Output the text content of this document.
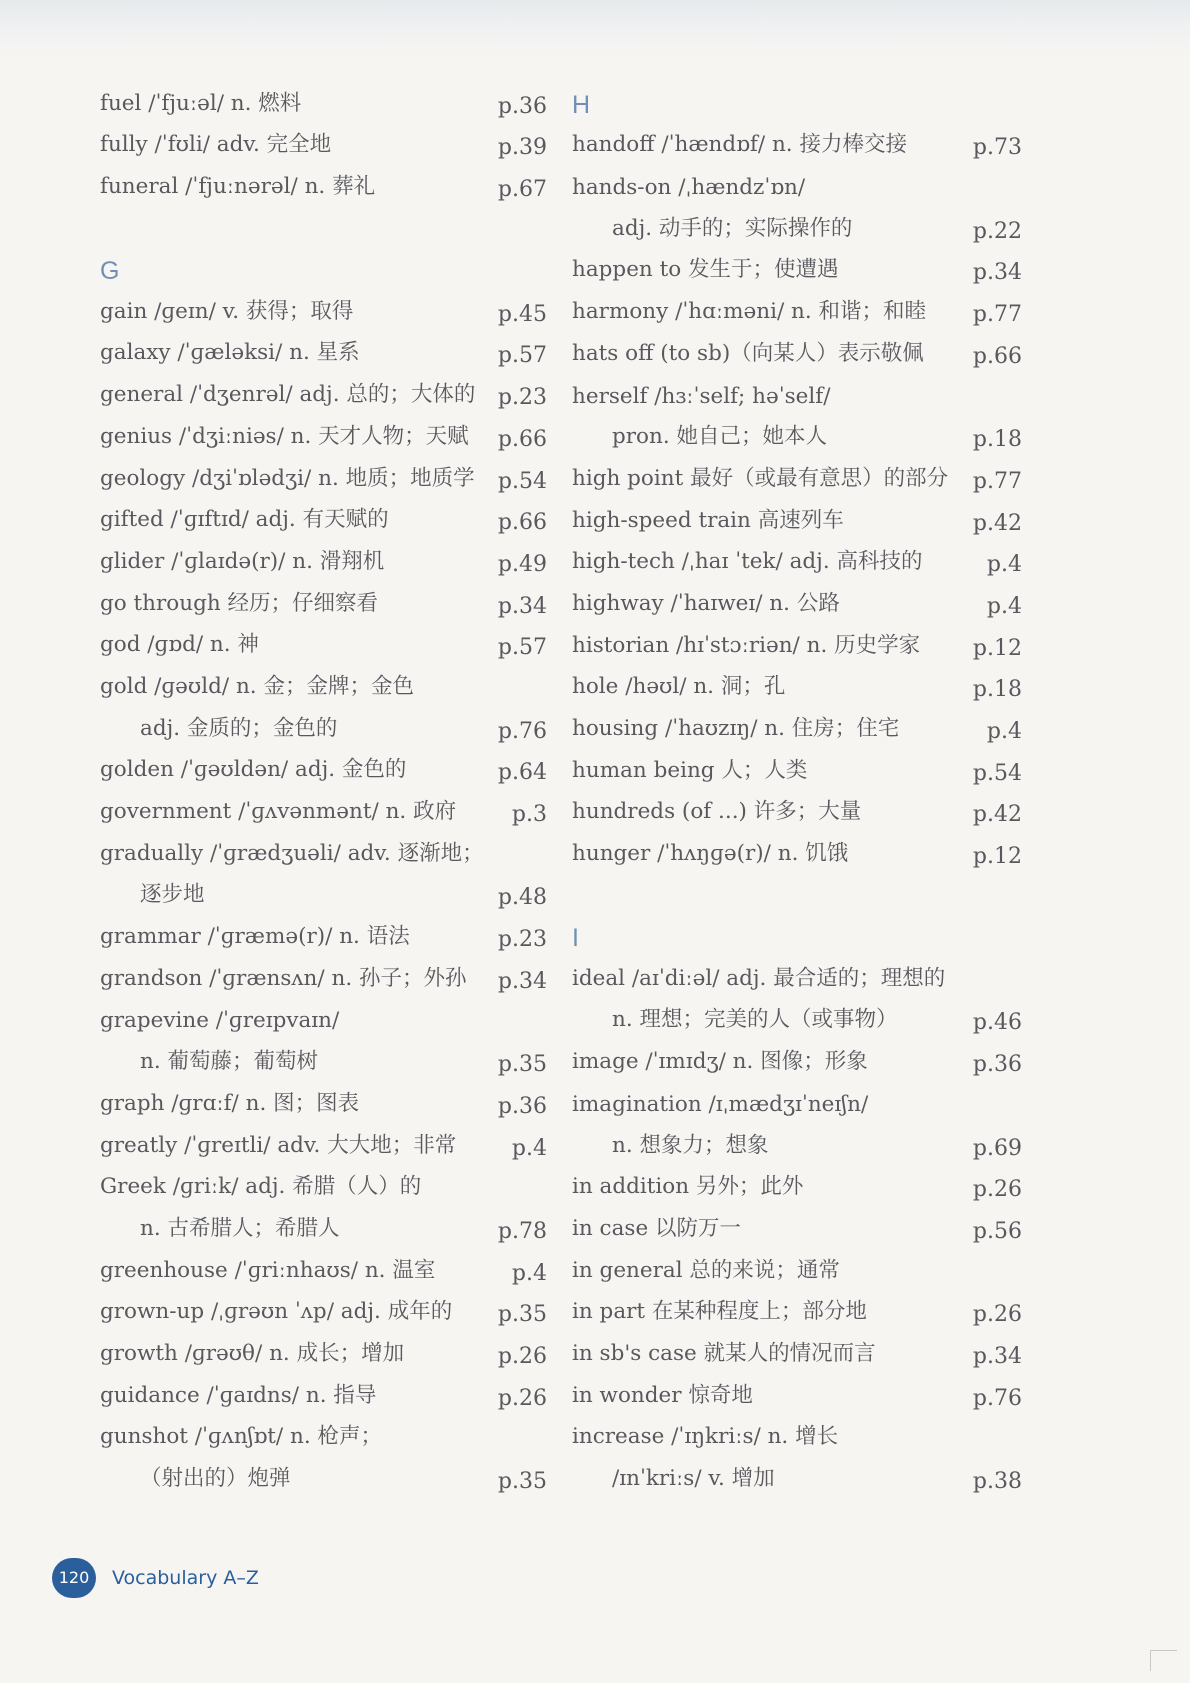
fuel /ˈfjuːəl/ n. 燃料	p.36
fully /ˈfʊli/ adv. 完全地	p.39
funeral /ˈfjuːnərəl/ n. 葬礼	p.67
G
gain /ɡeɪn/ v. 获得；取得	p.45
galaxy /ˈɡæləksi/ n. 星系	p.57
general /ˈdʒenrəl/ adj. 总的；大体的 p.23
genius /ˈdʒiːniəs/ n. 天才人物；天赋 p.66
geology /dʒiˈɒlədʒi/ n. 地质；地质学 p.54
gifted /ˈɡɪftɪd/ adj. 有天赋的	p.66
glider /ˈɡlaɪdə(r)/ n. 滑翔机	p.49
go through 经历；仔细察看	p.34
god /ɡɒd/ n. 神	p.57
gold /ɡəʊld/ n. 金；金牌；金色
adj. 金质的；金色的	p.76
golden /ˈɡəʊldən/ adj. 金色的	p.64
government /ˈɡʌvənmənt/ n. 政府	p.3
gradually /ˈɡrædʒuəli/ adv. 逐渐地；
逐步地	p.48
grammar /ˈɡræmə(r)/ n. 语法	p.23
grandson /ˈɡrænsʌn/ n. 孙子；外孙 p.34
grapevine /ˈɡreɪpvaɪn/
n. 葡萄藤；葡萄树	p.35
graph /ɡrɑːf/ n. 图；图表	p.36
greatly /ˈɡreɪtli/ adv. 大大地；非常	p.4
Greek /ɡriːk/ adj. 希腊（人）的
n. 古希腊人；希腊人	p.78
greenhouse /ˈɡriːnhaʊs/ n. 温室	p.4
grown-up /ˌɡrəʊn ˈʌp/ adj. 成年的 p.35
growth /ɡrəʊθ/ n. 成长；增加	p.26
guidance /ˈɡaɪdns/ n. 指导	p.26
gunshot /ˈɡʌnʃɒt/ n. 枪声；
（射出的）炮弹	p.35
H
handoff /ˈhændɒf/ n. 接力棒交接	p.73
hands-on /ˌhændzˈɒn/
adj. 动手的；实际操作的	p.22
happen to 发生于；使遭遇	p.34
harmony /ˈhɑːməni/ n. 和谐；和睦 p.77
hats off (to sb)（向某人）表示敬佩 p.66
herself /hɜːˈself; həˈself/
pron. 她自己；她本人	p.18
high point 最好（或最有意思）的部分 p.77
high-speed train 高速列车	p.42
high-tech /ˌhaɪ ˈtek/ adj. 高科技的	p.4
highway /ˈhaɪweɪ/ n. 公路	p.4
historian /hɪˈstɔːriən/ n. 历史学家 p.12
hole /həʊl/ n. 洞；孔	p.18
housing /ˈhaʊzɪŋ/ n. 住房；住宅	p.4
human being 人；人类	p.54
hundreds (of ...) 许多；大量	p.42
hunger /ˈhʌŋɡə(r)/ n. 饥饿	p.12
I
ideal /aɪˈdiːəl/ adj. 最合适的；理想的
n. 理想；完美的人（或事物）	p.46
image /ˈɪmɪdʒ/ n. 图像；形象	p.36
imagination /ɪˌmædʒɪˈneɪʃn/
n. 想象力；想象	p.69
in addition 另外；此外	p.26
in case 以防万一	p.56
in general 总的来说；通常
in part 在某种程度上；部分地	p.26
in sb's case 就某人的情况而言	p.34
in wonder 惊奇地	p.76
increase /ˈɪŋkriːs/ n. 增长
/ɪnˈkriːs/ v. 增加	p.38
120	Vocabulary A–Z
